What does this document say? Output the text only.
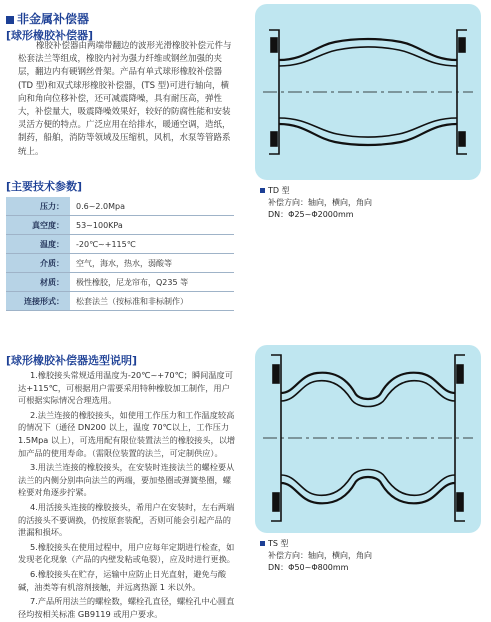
非金属补偿器
[球形橡胶补偿器]
橡胶补偿器由两端带翻边的波形光滑橡胶补偿元件与松套法兰等组成，橡胶内衬为强力纤维或钢丝加强的夹层，翻边内有硬钢丝骨架。产品有单式球形橡胶补偿器(TD 型)和双式球形橡胶补偿器，(TS 型)可进行轴向，横向和角向位移补偿，还可减震降噪，具有耐压高，弹性大，补偿量大，吸震降噪效果好，较好的防腐性能和安装灵活方便的特点。广泛应用在给排水，暖通空调，造纸，制药，船舶，消防等领域及压缩机，风机，水泵等管路系统上。
[主要技术参数]
压力：	0.6~2.0Mpa
真空度：	53~100KPa
温度：	-20℃~+115℃
介质：	空气，海水，热水，弱酸等
材质：	极性橡胶，尼龙帘布，Q235 等
连接形式：	松套法兰（按标准和非标制作）
TD 型
补偿方向：轴向，横向，角向
DN：Φ25~Φ2000mm
[球形橡胶补偿器选型说明]

1.橡胶接头常规适用温度为-20℃~+70℃；瞬间温度可达+115℃，可根据用户需要采用特种橡胶加工制作，用户可根据实际情况合理选用。

2.法兰连接的橡胶接头，如使用工作压力和工作温度较高的情况下（通径 DN200 以上，温度 70℃以上，工作压力 1.5Mpa 以上），可选用配有限位装置法兰的橡胶接头，以增加产品的使用寿命。（需限位装置的法兰，可定制供应）。

3.用法兰连接的橡胶接头，在安装时连接法兰的螺栓要从法兰的内侧分别串向法兰的两端，要加垫圈或弹簧垫圈，螺栓要对角逐步拧紧。

4.用活接头连接的橡胶接头，希用户在安装时，左右两端的活接头不要调换，仍按原套装配，否则可能会引起产品的泄漏和损坏。

5.橡胶接头在使用过程中，用户应每年定期进行检查，如发现老化现象（产品的内壁发粘或龟裂），应及时进行更换。

6.橡胶接头在贮存，运输中应防止日光直射，避免与酸碱，油类等有机溶剂接触，并远离热源 1 米以外。

7.产品所用法兰的螺栓数，螺栓孔直径，螺栓孔中心圆直径均按相关标准 GB9119 或用户要求。

TS 型
补偿方向：轴向，横向，角向
DN：Φ50~Φ800mm
